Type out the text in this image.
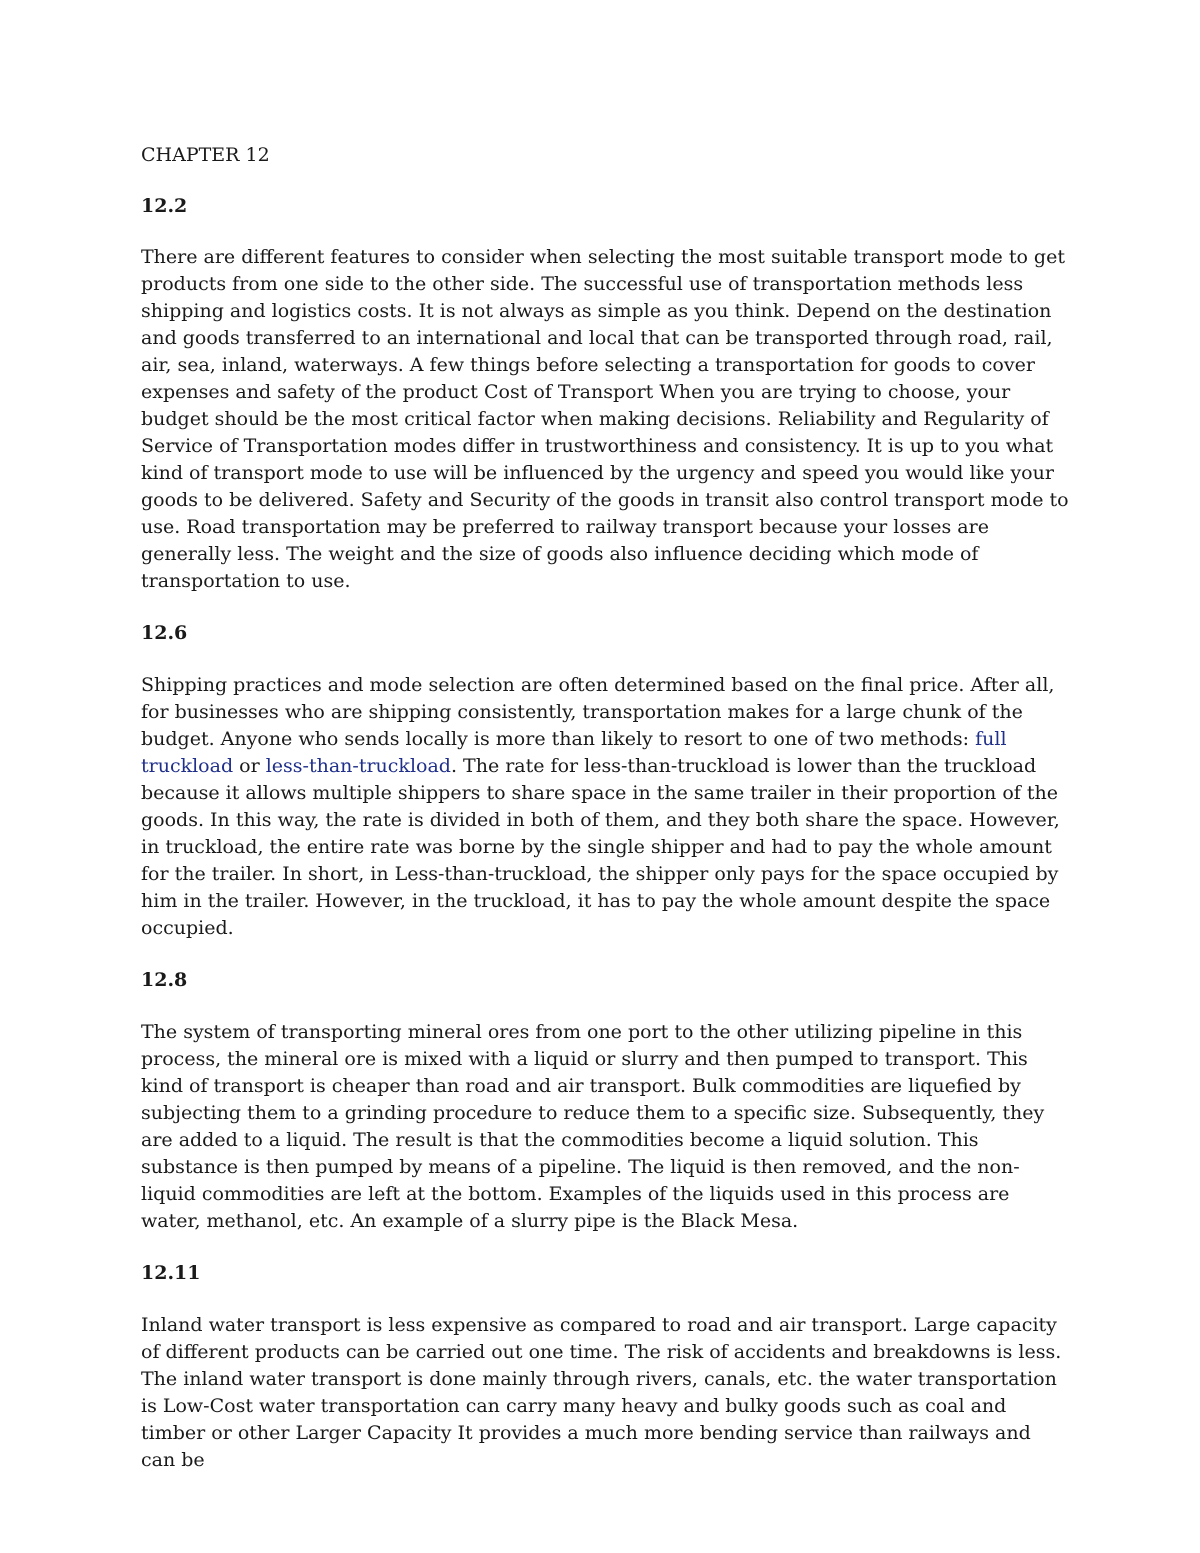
CHAPTER 12
12.2

There are different features to consider when selecting the most suitable transport mode to get products from one side to the other side. The successful use of transportation methods less shipping and logistics costs. It is not always as simple as you think. Depend on the destination and goods transferred to an international and local that can be transported through road, rail, air, sea, inland, waterways. A few things before selecting a transportation for goods to cover expenses and safety of the product Cost of Transport When you are trying to choose, your budget should be the most critical factor when making decisions. Reliability and Regularity of Service of Transportation modes differ in trustworthiness and consistency. It is up to you what kind of transport mode to use will be influenced by the urgency and speed you would like your goods to be delivered. Safety and Security of the goods in transit also control transport mode to use. Road transportation may be preferred to railway transport because your losses are generally less. The weight and the size of goods also influence deciding which mode of transportation to use.

12.6

Shipping practices and mode selection are often determined based on the final price. After all, for businesses who are shipping consistently, transportation makes for a large chunk of the budget. Anyone who sends locally is more than likely to resort to one of two methods: full truckload or less-than-truckload. The rate for less-than-truckload is lower than the truckload because it allows multiple shippers to share space in the same trailer in their proportion of the goods. In this way, the rate is divided in both of them, and they both share the space. However, in truckload, the entire rate was borne by the single shipper and had to pay the whole amount for the trailer. In short, in Less-than-truckload, the shipper only pays for the space occupied by him in the trailer. However, in the truckload, it has to pay the whole amount despite the space occupied.

12.8

The system of transporting mineral ores from one port to the other utilizing pipeline in this process, the mineral ore is mixed with a liquid or slurry and then pumped to transport. This kind of transport is cheaper than road and air transport. Bulk commodities are liquefied by subjecting them to a grinding procedure to reduce them to a specific size. Subsequently, they are added to a liquid. The result is that the commodities become a liquid solution. This substance is then pumped by means of a pipeline. The liquid is then removed, and the non-liquid commodities are left at the bottom. Examples of the liquids used in this process are water, methanol, etc. An example of a slurry pipe is the Black Mesa.

12.11

Inland water transport is less expensive as compared to road and air transport. Large capacity of different products can be carried out one time. The risk of accidents and breakdowns is less. The inland water transport is done mainly through rivers, canals, etc. the water transportation is Low-Cost water transportation can carry many heavy and bulky goods such as coal and timber or other Larger Capacity It provides a much more bending service than railways and can be
